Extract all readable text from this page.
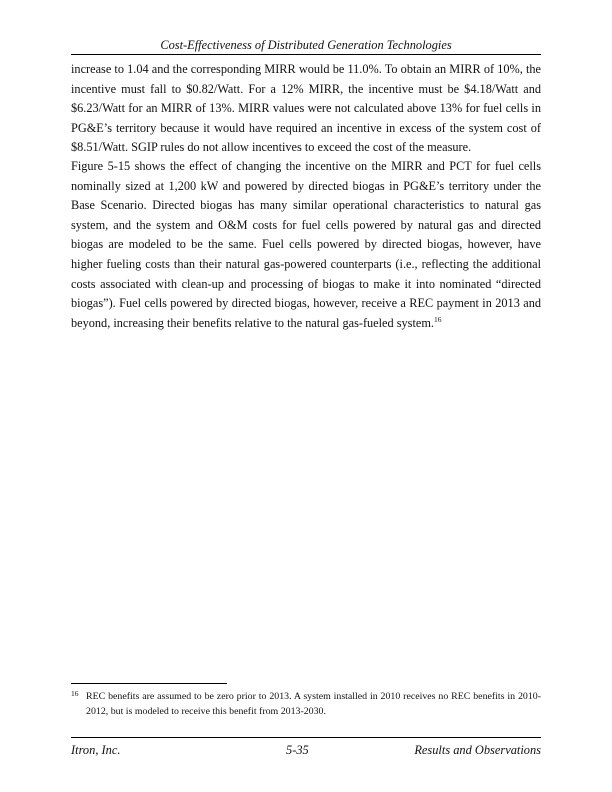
Cost-Effectiveness of Distributed Generation Technologies

increase to 1.04 and the corresponding MIRR would be 11.0%. To obtain an MIRR of 10%, the incentive must fall to $0.82/Watt. For a 12% MIRR, the incentive must be $4.18/Watt and $6.23/Watt for an MIRR of 13%. MIRR values were not calculated above 13% for fuel cells in PG&E’s territory because it would have required an incentive in excess of the system cost of $8.51/Watt. SGIP rules do not allow incentives to exceed the cost of the measure.

Figure 5-15 shows the effect of changing the incentive on the MIRR and PCT for fuel cells nominally sized at 1,200 kW and powered by directed biogas in PG&E’s territory under the Base Scenario. Directed biogas has many similar operational characteristics to natural gas system, and the system and O&M costs for fuel cells powered by natural gas and directed biogas are modeled to be the same. Fuel cells powered by directed biogas, however, have higher fueling costs than their natural gas-powered counterparts (i.e., reflecting the additional costs associated with clean-up and processing of biogas to make it into nominated “directed biogas”). Fuel cells powered by directed biogas, however, receive a REC payment in 2013 and beyond, increasing their benefits relative to the natural gas-fueled system.$^{16}$

16 REC benefits are assumed to be zero prior to 2013. A system installed in 2010 receives no REC benefits in 2010-2012, but is modeled to receive this benefit from 2013-2030.
Itron, Inc.	5-35	Results and Observations
